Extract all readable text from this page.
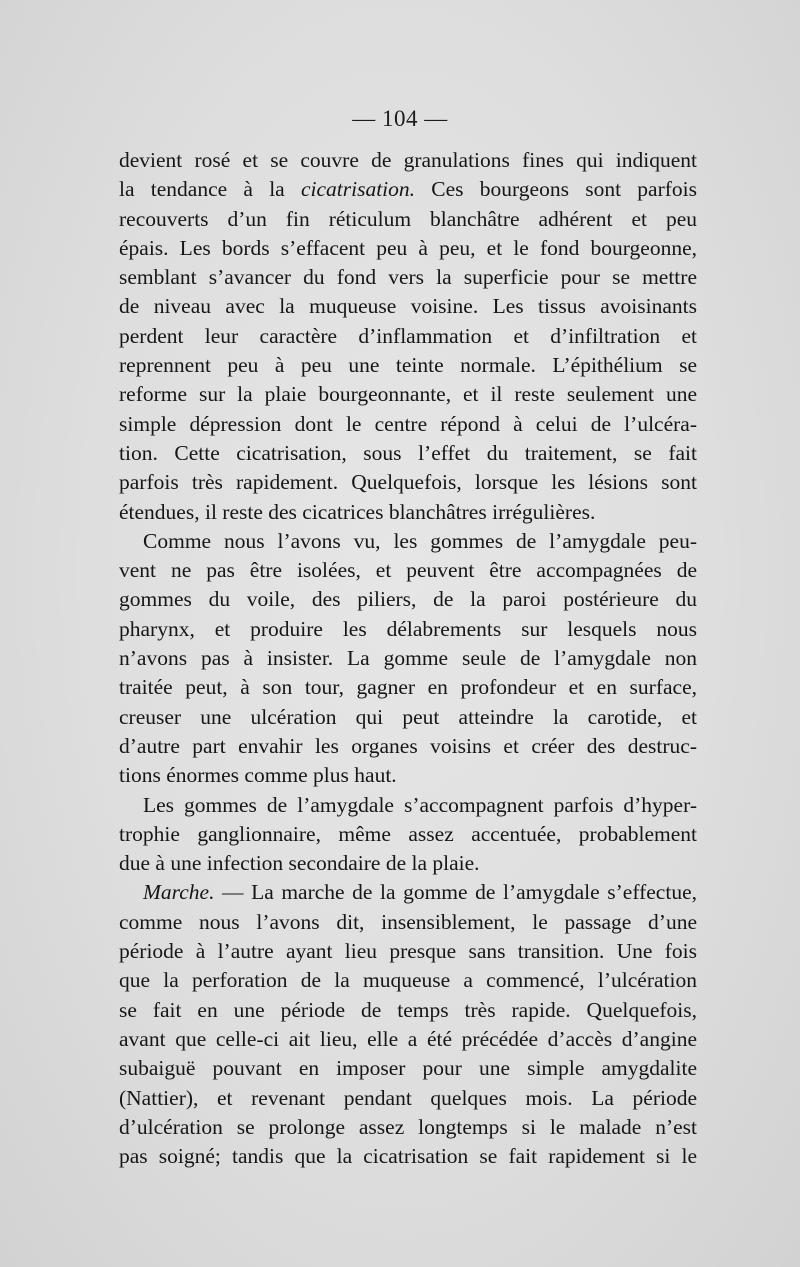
— 104 —
devient rosé et se couvre de granulations fines qui indiquent
la tendance à la cicatrisation. Ces bourgeons sont parfois
recouverts d’un fin réticulum blanchâtre adhérent et peu
épais. Les bords s’effacent peu à peu, et le fond bourgeonne,
semblant s’avancer du fond vers la superficie pour se mettre
de niveau avec la muqueuse voisine. Les tissus avoisinants
perdent leur caractère d’inflammation et d’infiltration et
reprennent peu à peu une teinte normale. L’épithélium se
reforme sur la plaie bourgeonnante, et il reste seulement une
simple dépression dont le centre répond à celui de l’ulcéra-
tion. Cette cicatrisation, sous l’effet du traitement, se fait
parfois très rapidement. Quelquefois, lorsque les lésions sont
étendues, il reste des cicatrices blanchâtres irrégulières.
Comme nous l’avons vu, les gommes de l’amygdale peu-
vent ne pas être isolées, et peuvent être accompagnées de
gommes du voile, des piliers, de la paroi postérieure du
pharynx, et produire les délabrements sur lesquels nous
n’avons pas à insister. La gomme seule de l’amygdale non
traitée peut, à son tour, gagner en profondeur et en surface,
creuser une ulcération qui peut atteindre la carotide, et
d’autre part envahir les organes voisins et créer des destruc-
tions énormes comme plus haut.
Les gommes de l’amygdale s’accompagnent parfois d’hyper-
trophie ganglionnaire, même assez accentuée, probablement
due à une infection secondaire de la plaie.
Marche. — La marche de la gomme de l’amygdale s’effectue,
comme nous l’avons dit, insensiblement, le passage d’une
période à l’autre ayant lieu presque sans transition. Une fois
que la perforation de la muqueuse a commencé, l’ulcération
se fait en une période de temps très rapide. Quelquefois,
avant que celle-ci ait lieu, elle a été précédée d’accès d’angine
subaiguë pouvant en imposer pour une simple amygdalite
(Nattier), et revenant pendant quelques mois. La période
d’ulcération se prolonge assez longtemps si le malade n’est
pas soigné; tandis que la cicatrisation se fait rapidement si le
